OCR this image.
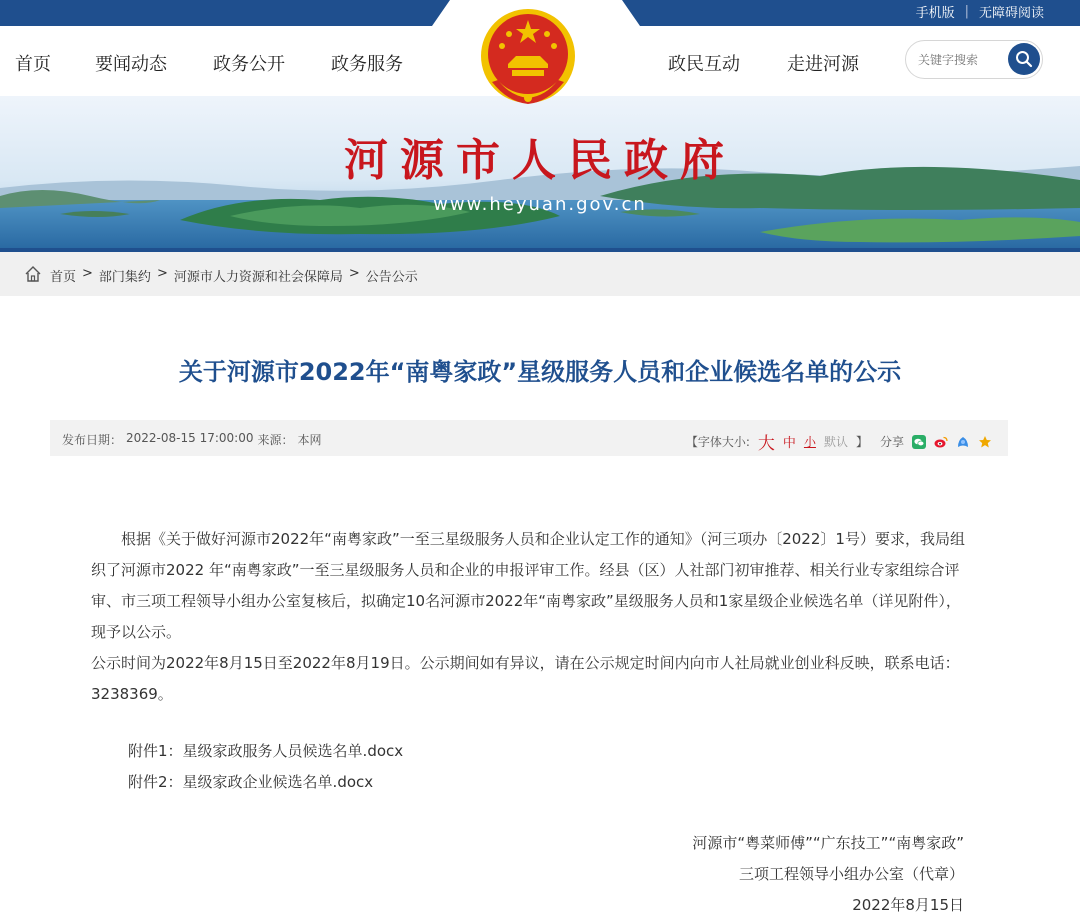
手机版 | 无障碍阅读
首页 要闻动态	政务公开	政务服务	政民互动	走进河源
关键字搜索
河源市人民政府
www.heyuan.gov.cn
首页 > 部门集约 > 河源市人力资源和社会保障局 > 公告公示
关于河源市2022年“南粤家政”星级服务人员和企业候选名单的公示
发布日期： 2022-08-15 17:00:00 来源： 本网	【字体大小: 大 中 小 默认 】 分享

根据《关于做好河源市2022年“南粤家政”一至三星级服务人员和企业认定工作的通知》（河三项办〔2022〕1号）要求，我局组织了河源市2022 年“南粤家政”一至三星级服务人员和企业的申报评审工作。经县（区）人社部门初审推荐、相关行业专家组综合评审、市三项工程领导小组办公室复核后，拟确定10名河源市2022年“南粤家政”星级服务人员和1家星级企业候选名单（详见附件），现予以公示。

公示时间为2022年8月15日至2022年8月19日。公示期间如有异议，请在公示规定时间内向市人社局就业创业科反映，联系电话：3238369。

附件1：星级家政服务人员候选名单.docx
附件2：星级家政企业候选名单.docx
河源市“粤菜师傅”“广东技工”“南粤家政”
三项工程领导小组办公室（代章）
2022年8月15日
